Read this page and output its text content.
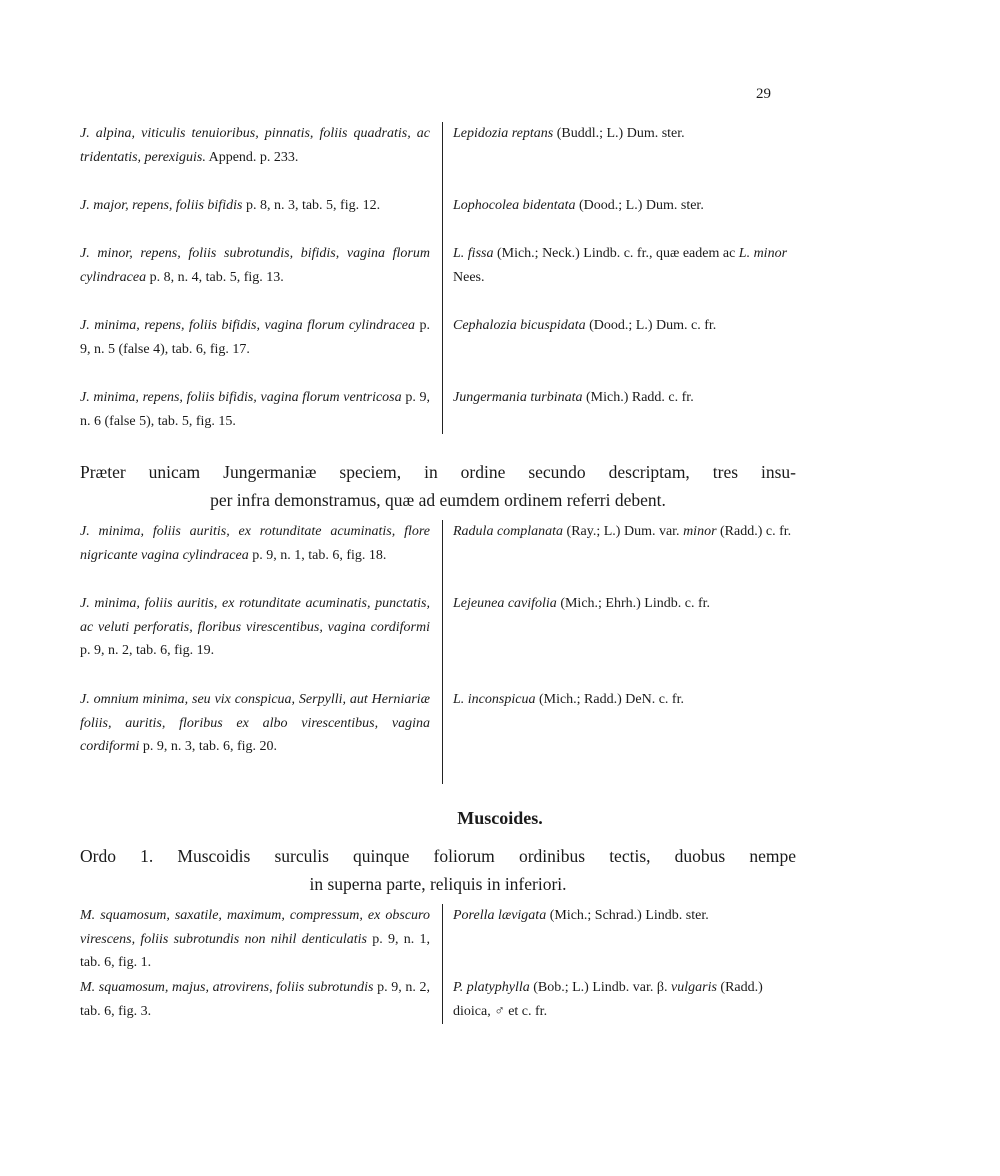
29
J. alpina, viticulis tenuioribus, pinnatis, foliis quadratis, ac tridentatis, perexiguis. Append. p. 233.
Lepidozia reptans (Buddl.; L.) Dum. ster.
J. major, repens, foliis bifidis p. 8, n. 3, tab. 5, fig. 12.	Lophocolea bidentata (Dood.; L.) Dum. ster.
J. minor, repens, foliis subrotundis, bifidis, vagina florum cylindracea p. 8, n. 4, tab. 5, fig. 13.
L. fissa (Mich.; Neck.) Lindb. c. fr., quæ eadem ac L. minor Nees.
J. minima, repens, foliis bifidis, vagina florum cylindracea p. 9, n. 5 (false 4), tab. 6, fig. 17.
Cephalozia bicuspidata (Dood.; L.) Dum. c. fr.
J. minima, repens, foliis bifidis, vagina florum ventricosa p. 9, n. 6 (false 5), tab. 5, fig. 15.
Jungermania turbinata (Mich.) Radd. c. fr.

Præter unicam Jungermaniæ speciem, in ordine secundo descriptam, tres insu-

per infra demonstramus, quæ ad eumdem ordinem referri debent.

J. minima, foliis auritis, ex rotunditate acuminatis, flore nigricante vagina cylindracea p. 9, n. 1, tab. 6, fig. 18.
Radula complanata (Ray.; L.) Dum. var. minor (Radd.) c. fr.
J. minima, foliis auritis, ex rotunditate acuminatis, punctatis, ac veluti perforatis, floribus virescentibus, vagina cordiformi p. 9, n. 2, tab. 6, fig. 19.
Lejeunea cavifolia (Mich.; Ehrh.) Lindb. c. fr.
J. omnium minima, seu vix conspicua, Serpylli, aut Herniariæ foliis, auritis, floribus ex albo virescentibus, vagina cordiformi p. 9, n. 3, tab. 6, fig. 20.
L. inconspicua (Mich.; Radd.) DeN. c. fr.
Muscoides.

Ordo 1. Muscoidis surculis quinque foliorum ordinibus tectis, duobus nempe

in superna parte, reliquis in inferiori.

M. squamosum, saxatile, maximum, compressum, ex obscuro virescens, foliis subrotundis non nihil denticulatis p. 9, n. 1, tab. 6, fig. 1.
Porella lævigata (Mich.; Schrad.) Lindb. ster.
M. squamosum, majus, atrovirens, foliis subrotundis p. 9, n. 2, tab. 6, fig. 3.
P. platyphylla (Bob.; L.) Lindb. var. β. vulgaris (Radd.) dioica, ♂ et c. fr.
